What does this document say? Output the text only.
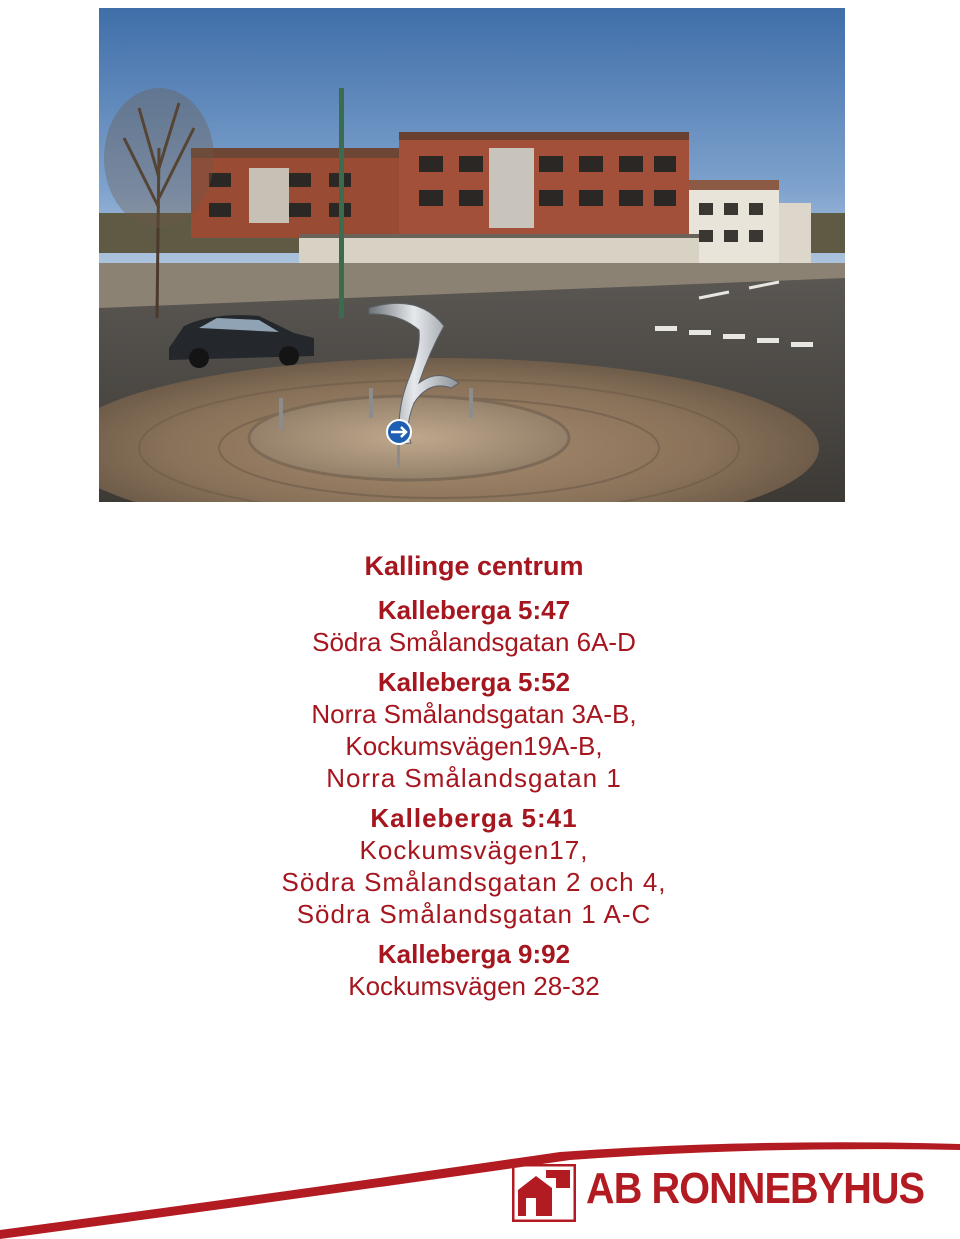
Kallinge centrum
Kalleberga 5:47
Södra Smålandsgatan 6A-D
Kalleberga 5:52
Norra Smålandsgatan 3A-B,
Kockumsvägen19A-B,
Norra Smålandsgatan 1
Kalleberga 5:41
Kockumsvägen17,
Södra Smålandsgatan 2 och 4,
Södra Smålandsgatan 1 A-C
Kalleberga 9:92
Kockumsvägen 28-32
AB RONNEBYHUS
